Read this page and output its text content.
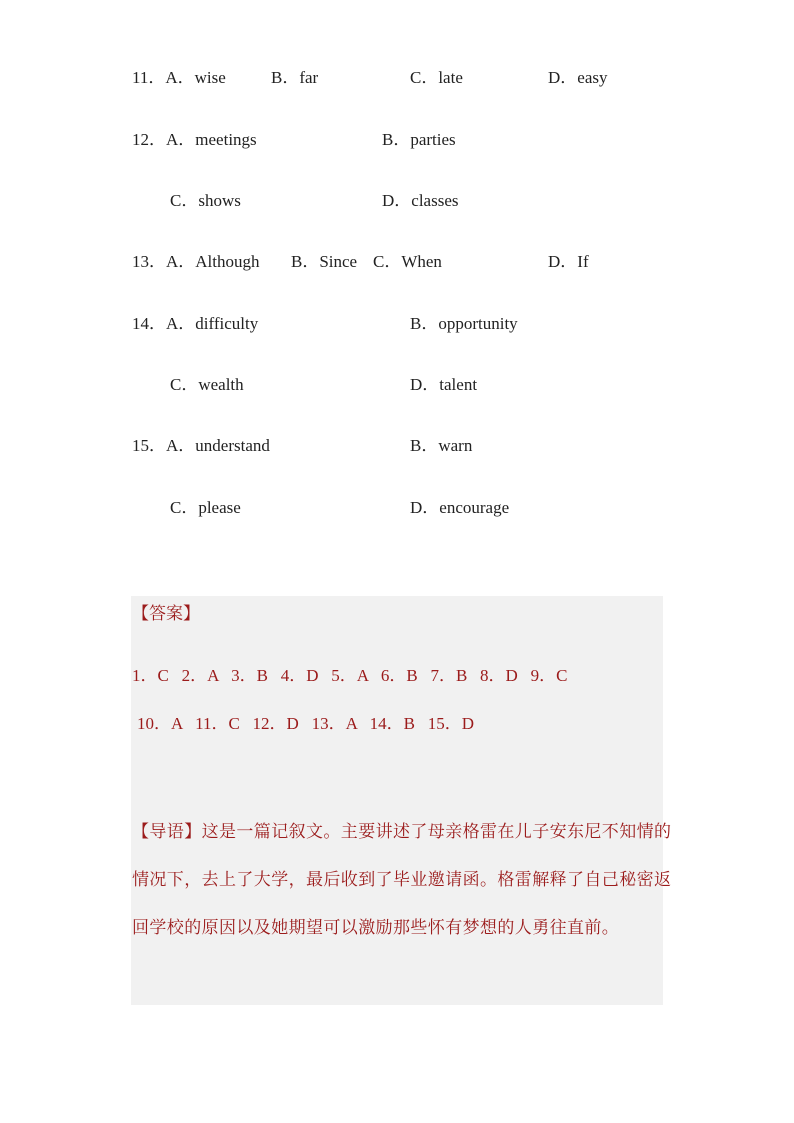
11．A．wise	B．far	C．late	D．easy
12．A．meetings	B．parties
C．shows	D．classes
13．A．Although B．Since C．When	D．If
14．A．difficulty	B．opportunity
C．wealth	D．talent
15．A．understand	B．warn
C．please	D．encourage
【答案】
1．C   2．A   3．B   4．D   5．A   6．B   7．B   8．D   9．C
10．A   11．C   12．D   13．A   14．B   15．D
【导语】这是一篇记叙文。主要讲述了母亲格雷在儿子安东尼不知情的情况下，去上了大学，最后收到了毕业邀请函。格雷解释了自己秘密返回学校的原因以及她期望可以激励那些怀有梦想的人勇往直前。
